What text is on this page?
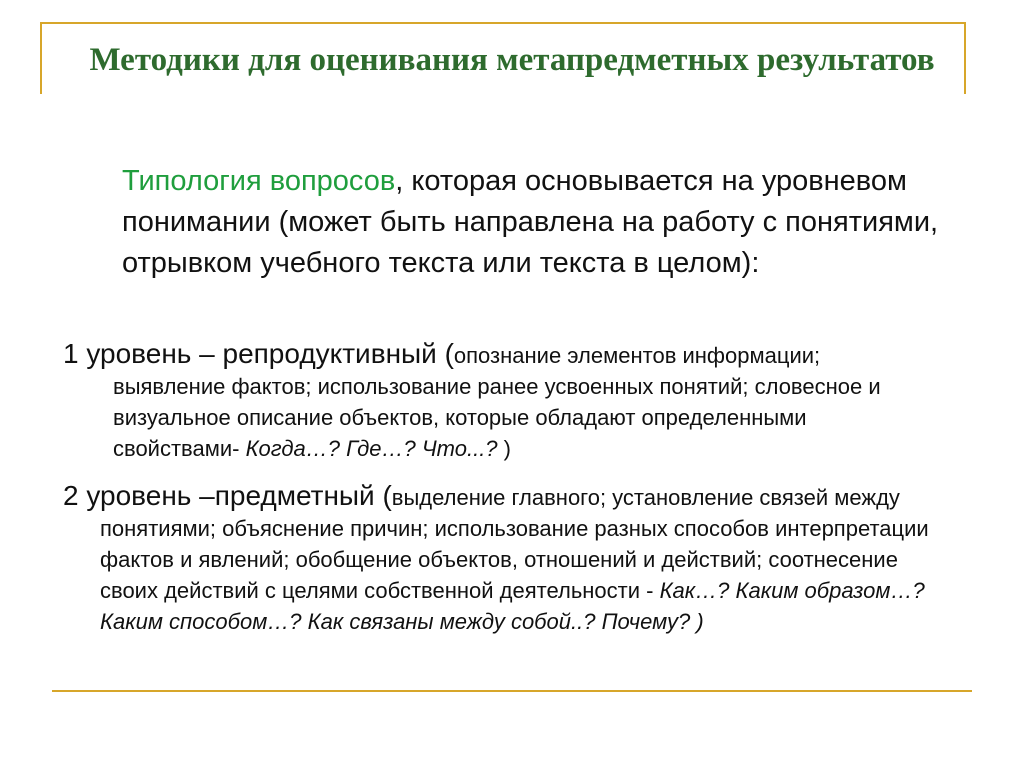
Методики для оценивания метапредметных результатов

Типология вопросов, которая основывается на уровневом понимании (может быть направлена на работу с понятиями, отрывком учебного текста или текста в целом):

1 уровень – репродуктивный (опознание элементов информации; выявление фактов; использование ранее усвоенных понятий; словесное и визуальное описание объектов, которые обладают определенными свойствами- Когда…? Где…? Что...? )

2 уровень –предметный (выделение главного; установление связей между понятиями; объяснение причин; использование разных способов интерпретации фактов и явлений; обобщение объектов, отношений и действий; соотнесение своих действий с целями собственной деятельности - Как…? Каким образом…? Каким способом…? Как связаны между собой..? Почему? )
